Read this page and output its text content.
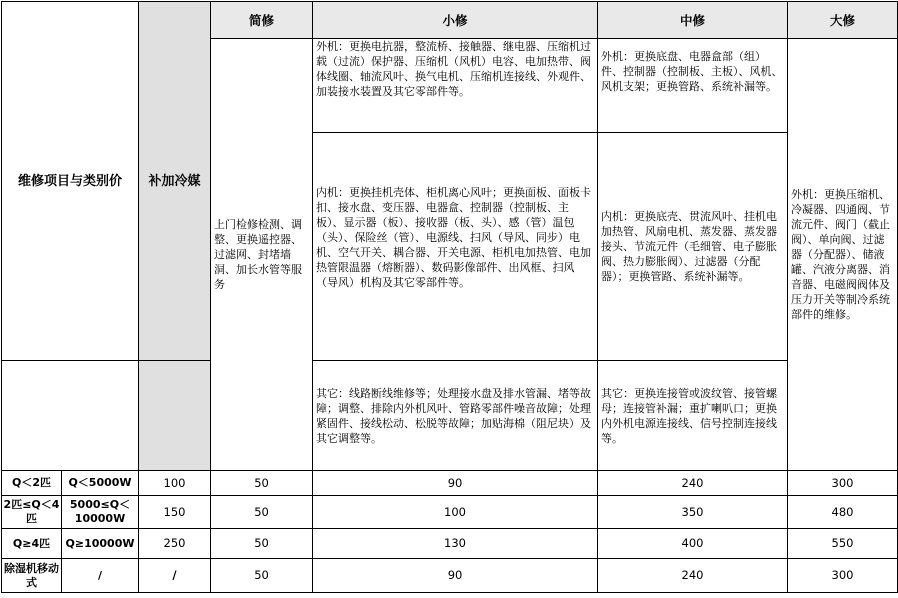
维修项目与类别价		补加冷媒	简修	小修	中修	大修
			上门检修检测、调整、更换遥控器、过滤网、封堵墙洞、加长水管等服务	外机：更换电抗器，整流桥、接触器、继电器、压缩机过载（过流）保护器、压缩机（风机）电容、电加热带、阀体线圈、轴流风叶、换气电机、压缩机连接线、外观件、加装接水装置及其它零部件等。	外机：更换底盘、电器盒部（组）件、控制器（控制板、主板）、风机、风机支架；更换管路、系统补漏等。	外机：更换压缩机、冷凝器、四通阀、节流元件、阀门（截止阀）、单向阀、过滤器（分配器）、储液罐、汽液分离器、消音器、电磁阀阀体及压力开关等制冷系统部件的维修。
				内机：更换挂机壳体、柜机离心风叶；更换面板、面板卡扣、接水盘、变压器、电器盒、控制器（控制板、主板）、显示器（板）、接收器（板、头）、感（管）温包（头）、保险丝（管）、电源线、扫风（导风、同步）电机、空气开关、耦合器、开关电源、柜机电加热管、电加热管限温器（熔断器）、数码影像部件、出风框、扫风（导风）机构及其它零部件等。	内机：更换底壳、贯流风叶、挂机电加热管、风扇电机、蒸发器、蒸发器接头、节流元件（毛细管、电子膨胀阀、热力膨胀阀）、过滤器（分配器）；更换管路、系统补漏等。	
				其它：线路断线维修等；处理接水盘及排水管漏、堵等故障；调整、排除内外机风叶、管路零部件噪音故障；处理紧固件、接线松动、松脱等故障；加贴海棉（阻尼块）及其它调整等。	其它：更换连接管或波纹管、接管螺母；连接管补漏；重扩喇叭口；更换内外机电源连接线、信号控制连接线等。	
Q＜2匹	Q＜5000W	100	50	90	240	300
2匹≤Q＜4匹	5000≤Q＜10000W	150	50	100	350	480
Q≥4匹	Q≥10000W	250	50	130	400	550
除湿机移动式	/	/	50	90	240	300
